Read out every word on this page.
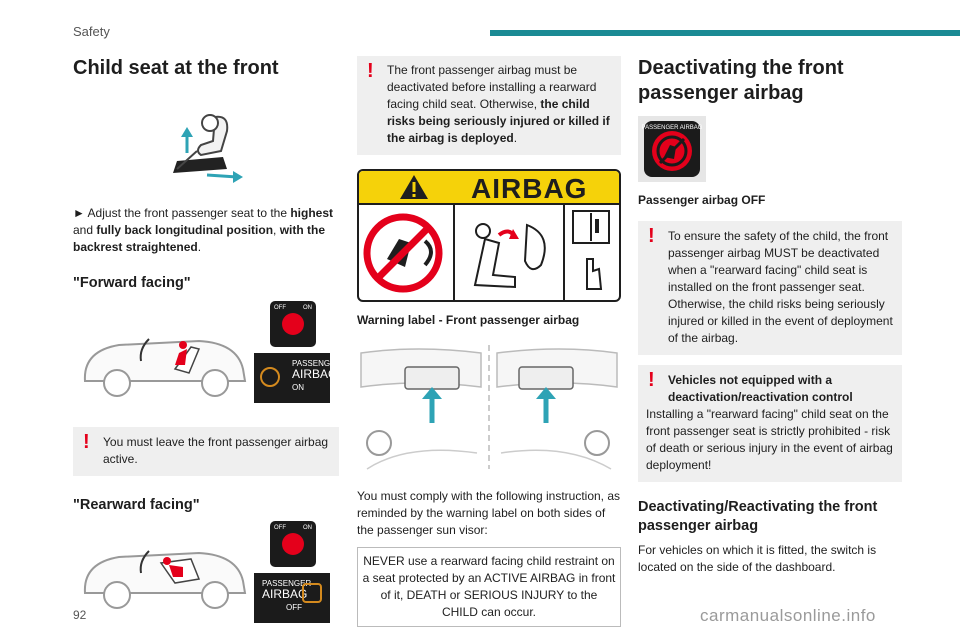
Safety
Child seat at the front

► Adjust the front passenger seat to the highest and fully back longitudinal position, with the backrest straightened.

"Forward facing"
OFF	ON
PASSENGER
AIRBAG
ON
! You must leave the front passenger airbag active.
"Rearward facing"
OFF	ON
PASSENGER
AIRBAG
OFF
! The front passenger airbag must be deactivated before installing a rearward facing child seat. Otherwise, the child risks being seriously injured or killed if the airbag is deployed.
AIRBAG

Warning label - Front passenger airbag

You must comply with the following instruction, as reminded by the warning label on both sides of the passenger sun visor:

NEVER use a rearward facing child restraint on a seat protected by an ACTIVE AIRBAG in front of it, DEATH or SERIOUS INJURY to the CHILD can occur.
Deactivating the front passenger airbag
PASSENGER AIRBAG

Passenger airbag OFF

! To ensure the safety of the child, the front passenger airbag MUST be deactivated when a "rearward facing" child seat is installed on the front passenger seat. Otherwise, the child risks being seriously injured or killed in the event of deployment of the airbag.
! Vehicles not equipped with a deactivation/reactivation control

Installing a "rearward facing" child seat on the front passenger seat is strictly prohibited - risk of death or serious injury in the event of airbag deployment!
Deactivating/Reactivating the front passenger airbag

For vehicles on which it is fitted, the switch is located on the side of the dashboard.

92	carmanualsonline.info
